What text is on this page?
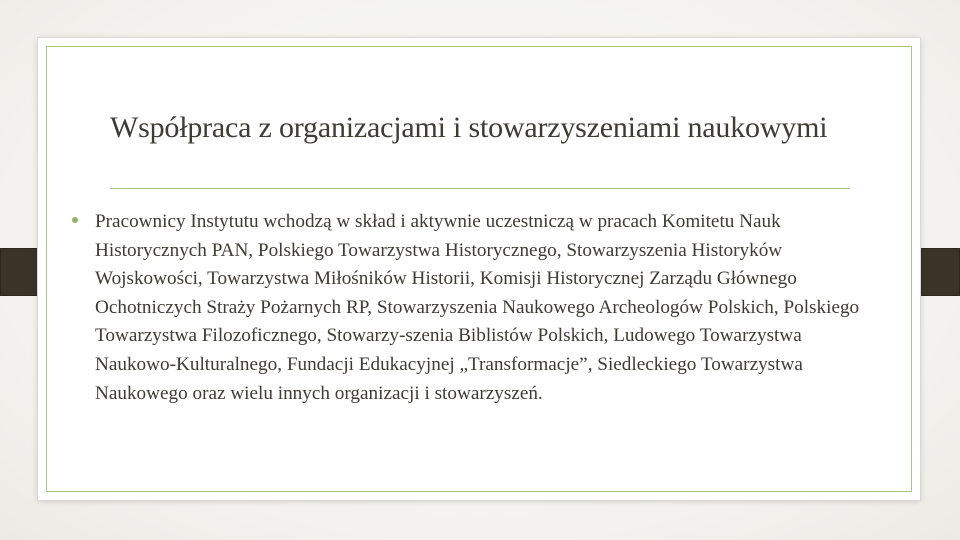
Współpraca z organizacjami i stowarzyszeniami naukowymi
Pracownicy Instytutu wchodzą w skład i aktywnie uczestniczą w pracach Komitetu Nauk Historycznych PAN, Polskiego Towarzystwa Historycznego, Stowarzyszenia Historyków Wojskowości, Towarzystwa Miłośników Historii, Komisji Historycznej Zarządu Głównego Ochotniczych Straży Pożarnych RP, Stowarzyszenia Naukowego Archeologów Polskich, Polskiego Towarzystwa Filozoficznego, Stowarzy-szenia Biblistów Polskich, Ludowego Towarzystwa Naukowo-Kulturalnego, Fundacji Edukacyjnej „Transformacje”, Siedleckiego Towarzystwa Naukowego oraz wielu innych organizacji i stowarzyszeń.
